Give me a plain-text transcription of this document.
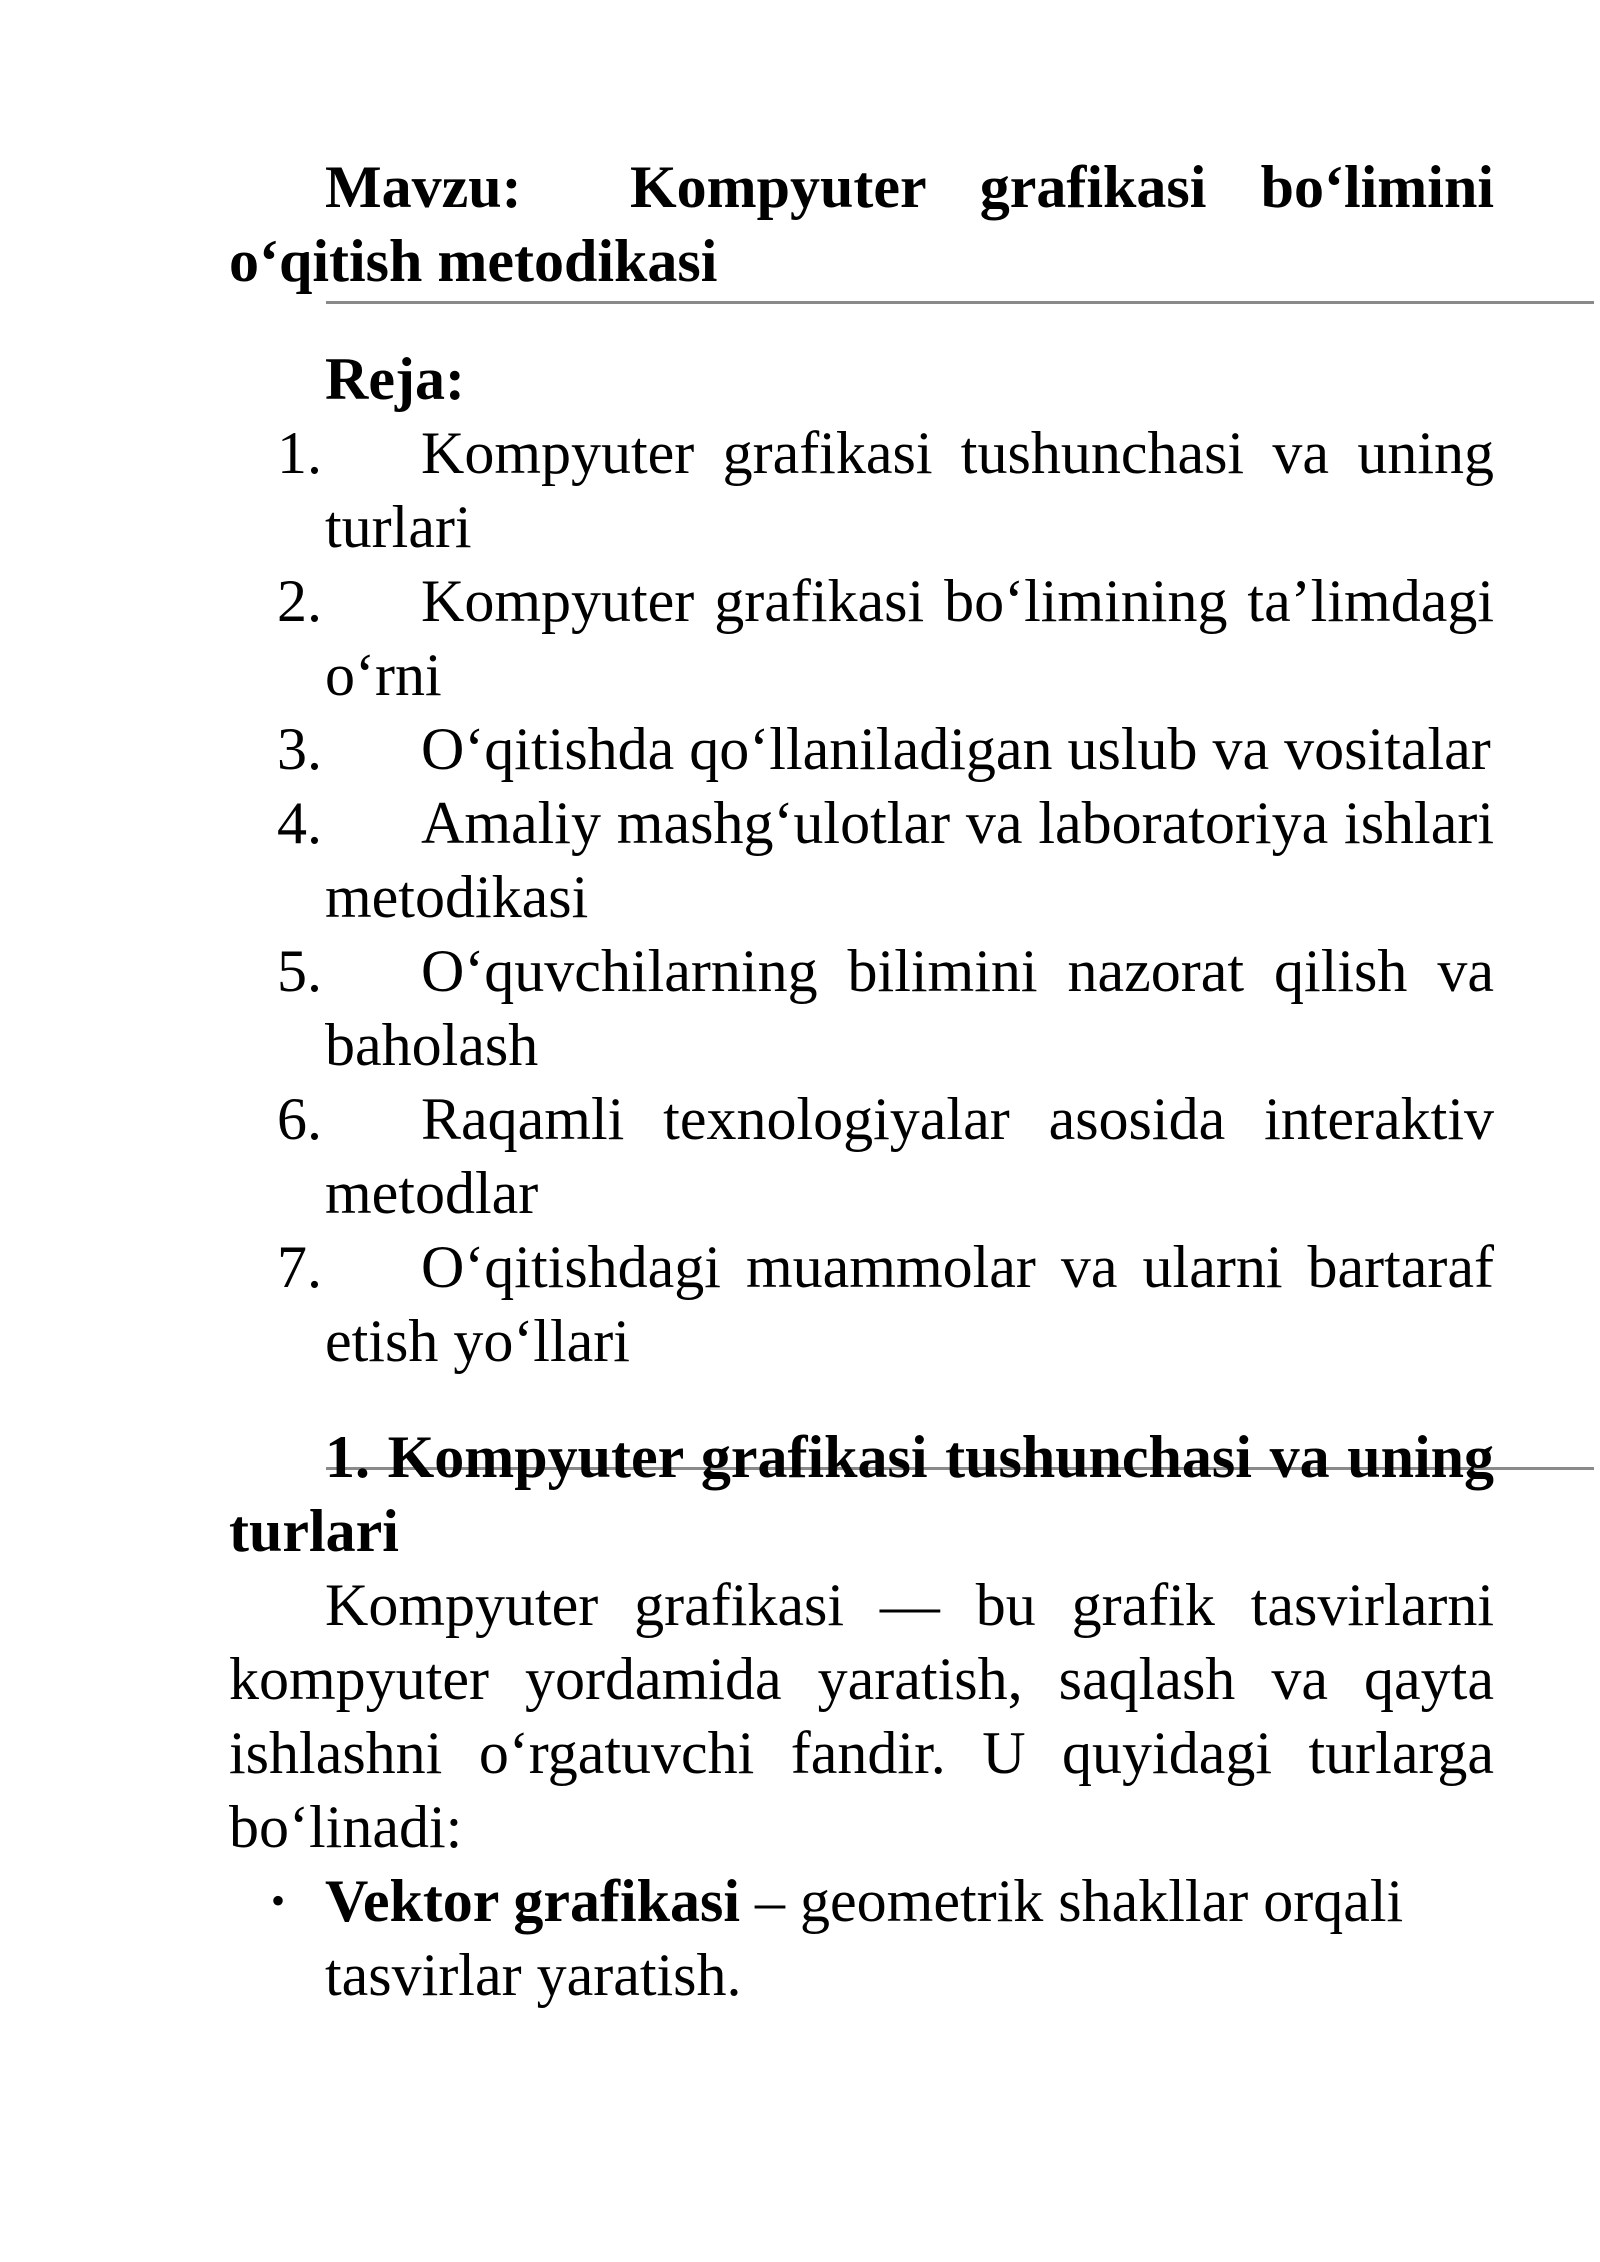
Mavzu: Kompyuter grafikasi bo‘limini o‘qitish metodikasi

Reja:
1. Kompyuter grafikasi tushunchasi va uning turlari
2. Kompyuter grafikasi bo‘limining ta’limdagi o‘rni
3. O‘qitishda qo‘llaniladigan uslub va vositalar
4. Amaliy mashg‘ulotlar va laboratoriya ishlari metodikasi
5. O‘quvchilarning bilimini nazorat qilish va baholash
6. Raqamli texnologiyalar asosida interaktiv metodlar
7. O‘qitishdagi muammolar va ularni bartaraf etish yo‘llari

1. Kompyuter grafikasi tushunchasi va uning turlari

Kompyuter grafikasi — bu grafik tasvirlarni kompyuter yordamida yaratish, saqlash va qayta ishlashni o‘rgatuvchi fandir. U quyidagi turlarga bo‘linadi:

• Vektor grafikasi – geometrik shakllar orqali tasvirlar yaratish.
